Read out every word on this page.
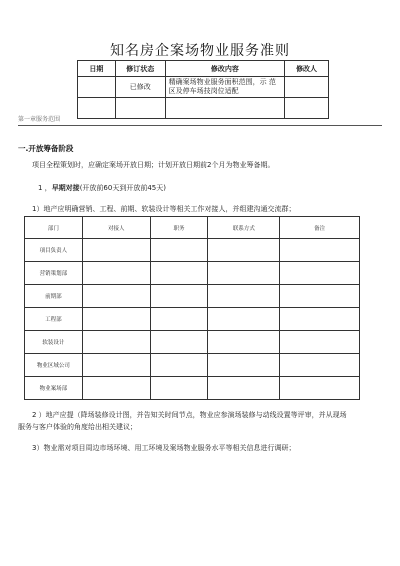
知名房企案场物业服务准则
日期	修订状态	修改内容	修改人
	已修改	精确案场物业服务面积范围，示 范区及停车场技岗位适配	

第一章服务范围
一.开放筹备阶段
项目全程策划时，应确定案场开放日期；计划开放日期前2个月为物业筹备期。
1 ，早期对接(开放前60天到开放前45天)
1）地产应明确营销、工程、前期、软装设计等相关工作对接人，并组建沟通交流群；
部门	对接人	职务	联系方式	备注
项目负责人				
营销策划部				
前期部				
工程部				
软装设计				
物业区域公司				
物业案场部				
2 ）地产应提（降场装修设计图，并告知关时间节点，物业应参演场装修与动线设置等评审，并从现场
服务与客户体验的角度给出相关建议；
3）物业需对项目周边市场环境、用工环境及案场物业服务水平等相关信息进行调研；
